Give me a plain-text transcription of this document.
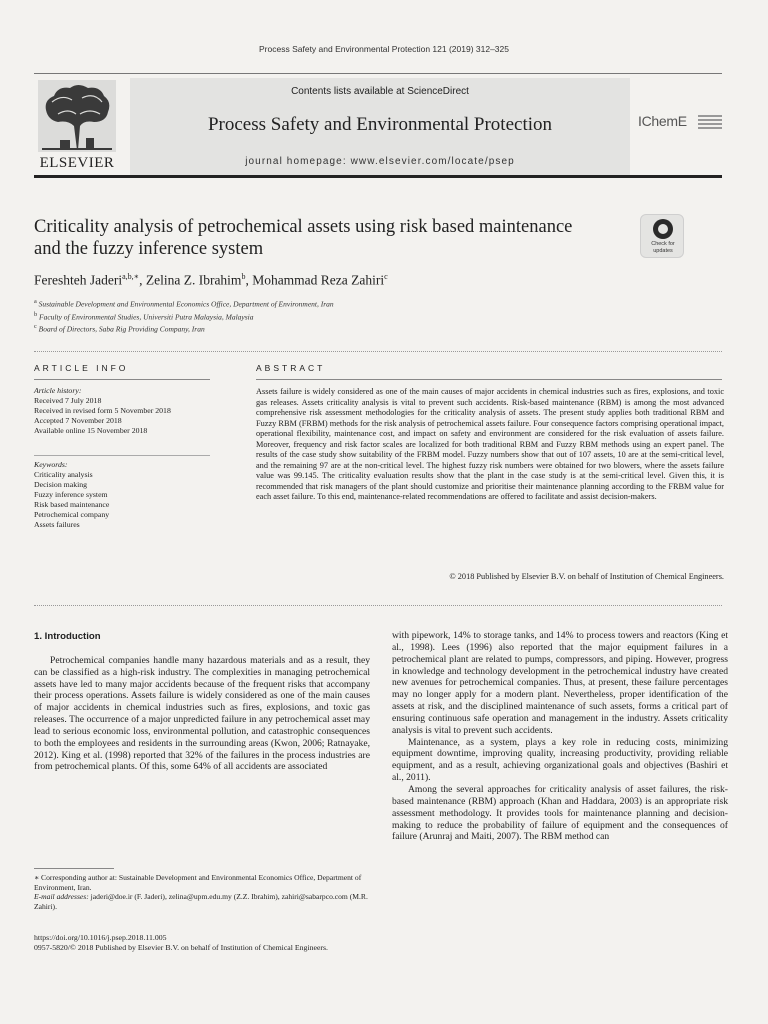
Process Safety and Environmental Protection 121 (2019) 312–325
ELSEVIER
Contents lists available at ScienceDirect
Process Safety and Environmental Protection
journal homepage: www.elsevier.com/locate/psep
IChemE
Criticality analysis of petrochemical assets using risk based maintenance and the fuzzy inference system	Check for updates
Fereshteh Jaderi$^{a,b,∗}$, Zelina Z. Ibrahim$^b$, Mohammad Reza Zahiri$^c$
$^a$ Sustainable Development and Environmental Economics Office, Department of Environment, Iran
$^b$ Faculty of Environmental Studies, Universiti Putra Malaysia, Malaysia
$^c$ Board of Directors, Saba Rig Providing Company, Iran
ARTICLE INFO	ABSTRACT
Article history:
Received 7 July 2018
Received in revised form 5 November 2018
Accepted 7 November 2018
Available online 15 November 2018
Keywords:
Criticality analysis
Decision making
Fuzzy inference system
Risk based maintenance
Petrochemical company
Assets failures
Assets failure is widely considered as one of the main causes of major accidents in chemical industries such as fires, explosions, and toxic gas releases. Assets criticality analysis is vital to prevent such accidents. Risk-based maintenance (RBM) is among the most advanced comprehensive risk assessment methodologies for the criticality analysis of assets. The present study applies both traditional RBM and Fuzzy RBM (FRBM) methods for the risk analysis of petrochemical assets failure. Four consequence factors comprising operational impact, operational flexibility, maintenance cost, and impact on safety and environment are considered for the risk evaluation of assets failure. Moreover, frequency and risk factor scales are localized for both traditional RBM and Fuzzy RBM methods using an expert panel. The results of the case study show suitability of the FRBM model. Fuzzy numbers show that out of 107 assets, 10 are at the semi-critical level, and the remaining 97 are at the non-critical level. The highest fuzzy risk numbers were obtained for two blowers, where the assets failure value was 99.145. The criticality evaluation results show that the plant in the case study is at the semi-critical level. Given this, it is recommended that risk managers of the plant should customize and prioritise their maintenance planning according to the FRBM value for each asset failure. To this end, maintenance-related recommendations are offered to facilitate and assist decision-makers.
© 2018 Published by Elsevier B.V. on behalf of Institution of Chemical Engineers.
1. Introduction

Petrochemical companies handle many hazardous materials and as a result, they can be classified as a high-risk industry. The complexities in managing petrochemical assets have led to many major accidents because of the frequent risks that accompany their process operations. Assets failure is widely considered as one of the main causes of major accidents in chemical industries such as fires, explosions, and toxic gas releases. The occurrence of a major unpredicted failure in any petrochemical asset may lead to serious economic loss, environmental pollution, and catastrophic consequences to both the employees and residents in the surrounding areas (Kwon, 2006; Ratnayake, 2012). King et al. (1998) reported that 32% of the failures in the process industries are from petrochemical plants. Of this, some 64% of all accidents are associated

with pipework, 14% to storage tanks, and 14% to process towers and reactors (King et al., 1998). Lees (1996) also reported that the major equipment failures in a petrochemical plant are related to pumps, compressors, and piping. However, progress in knowledge and technology development in the petrochemical industry have created new avenues for petrochemical companies. Thus, at present, these failure percentages may no longer apply for a modern plant. Nevertheless, proper identification of the assets at risk, and the disciplined maintenance of such assets, forms a critical part of ensuring continuous safe operation and management in the industry. Assets criticality analysis is vital to prevent such accidents.

Maintenance, as a system, plays a key role in reducing costs, minimizing equipment downtime, improving quality, increasing productivity, providing reliable equipment, and as a result, achieving organizational goals and objectives (Bashiri et al., 2011).

Among the several approaches for criticality analysis of asset failures, the risk-based maintenance (RBM) approach (Khan and Haddara, 2003) is an appropriate risk assessment methodology. It provides tools for maintenance planning and decision-making to reduce the probability of failure of equipment and the consequences of failure (Arunraj and Maiti, 2007). The RBM method can

∗ Corresponding author at: Sustainable Development and Environmental Economics Office, Department of Environment, Iran.
E-mail addresses: jaderi@doe.ir (F. Jaderi), zelina@upm.edu.my (Z.Z. Ibrahim), zahiri@sabarpco.com (M.R. Zahiri).
https://doi.org/10.1016/j.psep.2018.11.005
0957-5820/© 2018 Published by Elsevier B.V. on behalf of Institution of Chemical Engineers.
